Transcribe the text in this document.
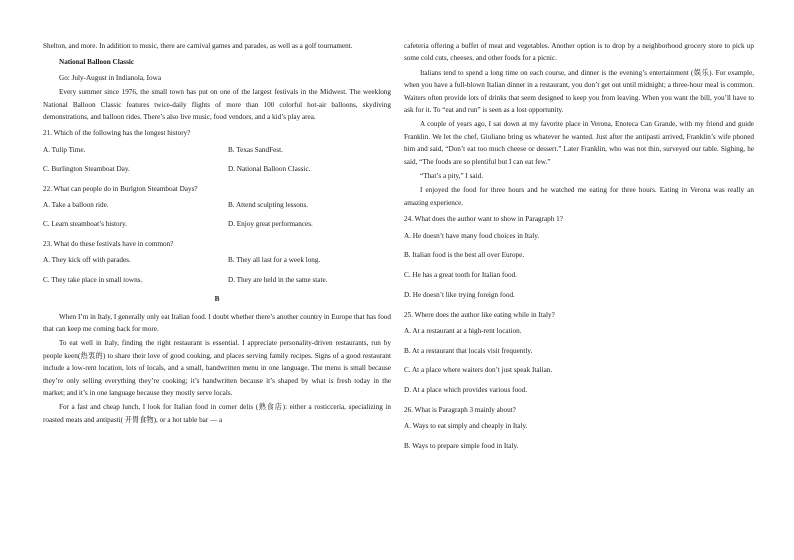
Shelton, and more. In addition to music, there are carnival games and parades, as well as a golf tournament.

National Balloon Classic

Go: July-August in Indianola, Iowa

Every summer since 1976, the small town has put on one of the largest festivals in the Midwest. The weeklong National Balloon Classic features twice-daily flights of more than 100 colorful hot-air balloons, skydiving demonstrations, and balloon rides. There’s also live music, food vendors, and a kid’s play area.

21. Which of the following has the longest history?

A. Tulip Time.	B. Texas SandFest.
C. Burlington Steamboat Day.	D. National Balloon Classic.

22. What can people do in Burlgton Steamboat Days?

A. Take a balloon ride.	B. Attend sculpting lessons.
C. Learn steamboat’s history.	D. Enjoy great performances.

23. What do these festivals have in common?

A. They kick off with parades.	B. They all last for a week long.
C. They take place in small towns.	D. They are held in the same state.

B

When I’m in Italy, I generally only eat Italian food. I doubt whether there’s another country in Europe that has food that can keep me coming back for more.

To eat well in Italy, finding the right restaurant is essential. I appreciate personality-driven restaurants, run by people keen(热衷的) to share their love of good cooking, and places serving family recipes. Signs of a good restaurant include a low-rent location, lots of locals, and a small, handwritten menu in one language. The menu is small because they’re only selling everything they’re cooking; it’s handwritten because it’s shaped by what is fresh today in the market; and it’s in one language because they mostly serve locals.

For a fast and cheap lunch, I look for Italian food in corner delis (熟食店): either a rosticceria, specializing in roasted meats and antipasti( 开胃食物), or a hot table bar — a

cafeteria offering a buffet of meat and vegetables. Another option is to drop by a neighborhood grocery store to pick up some cold cuts, cheeses, and other foods for a picnic.

Italians tend to spend a long time on each course, and dinner is the evening’s entertainment (娱乐). For example, when you have a full-blown Italian dinner in a restaurant, you don’t get out until midnight; a three-hour meal is common. Waiters often provide lots of drinks that seem designed to keep you from leaving. When you want the bill, you’ll have to ask for it. To “eat and run” is seen as a lost opportunity.

A couple of years ago, I sat down at my favorite place in Verona, Enoteca Can Grande, with my friend and guide Franklin. We let the chef, Giuliano bring us whatever he wanted. Just after the antipasti arrived, Franklin’s wife phoned him and said, “Don’t eat too much cheese or dessert.” Later Franklin, who was not thin, surveyed our table. Sighing, he said, “The foods are so plentiful but I can eat few.”

“That’s a pity,” I said.

I enjoyed the food for three hours and he watched me eating for three hours. Eating in Verona was really an amazing experience.

24. What does the author want to show in Paragraph 1?

A. He doesn’t have many food choices in Italy.

B. Italian food is the best all over Europe.

C. He has a great tooth for Italian food.

D. He doesn’t like trying foreign food.

25. Where does the author like eating while in Italy?

A. At a restaurant at a high-rent location.

B. At a restaurant that locals visit frequently.

C. At a place where waiters don’t just speak Italian.

D. At a place which provides various food.

26. What is Paragraph 3 mainly about?

A. Ways to eat simply and cheaply in Italy.

B. Ways to prepare simple food in Italy.
